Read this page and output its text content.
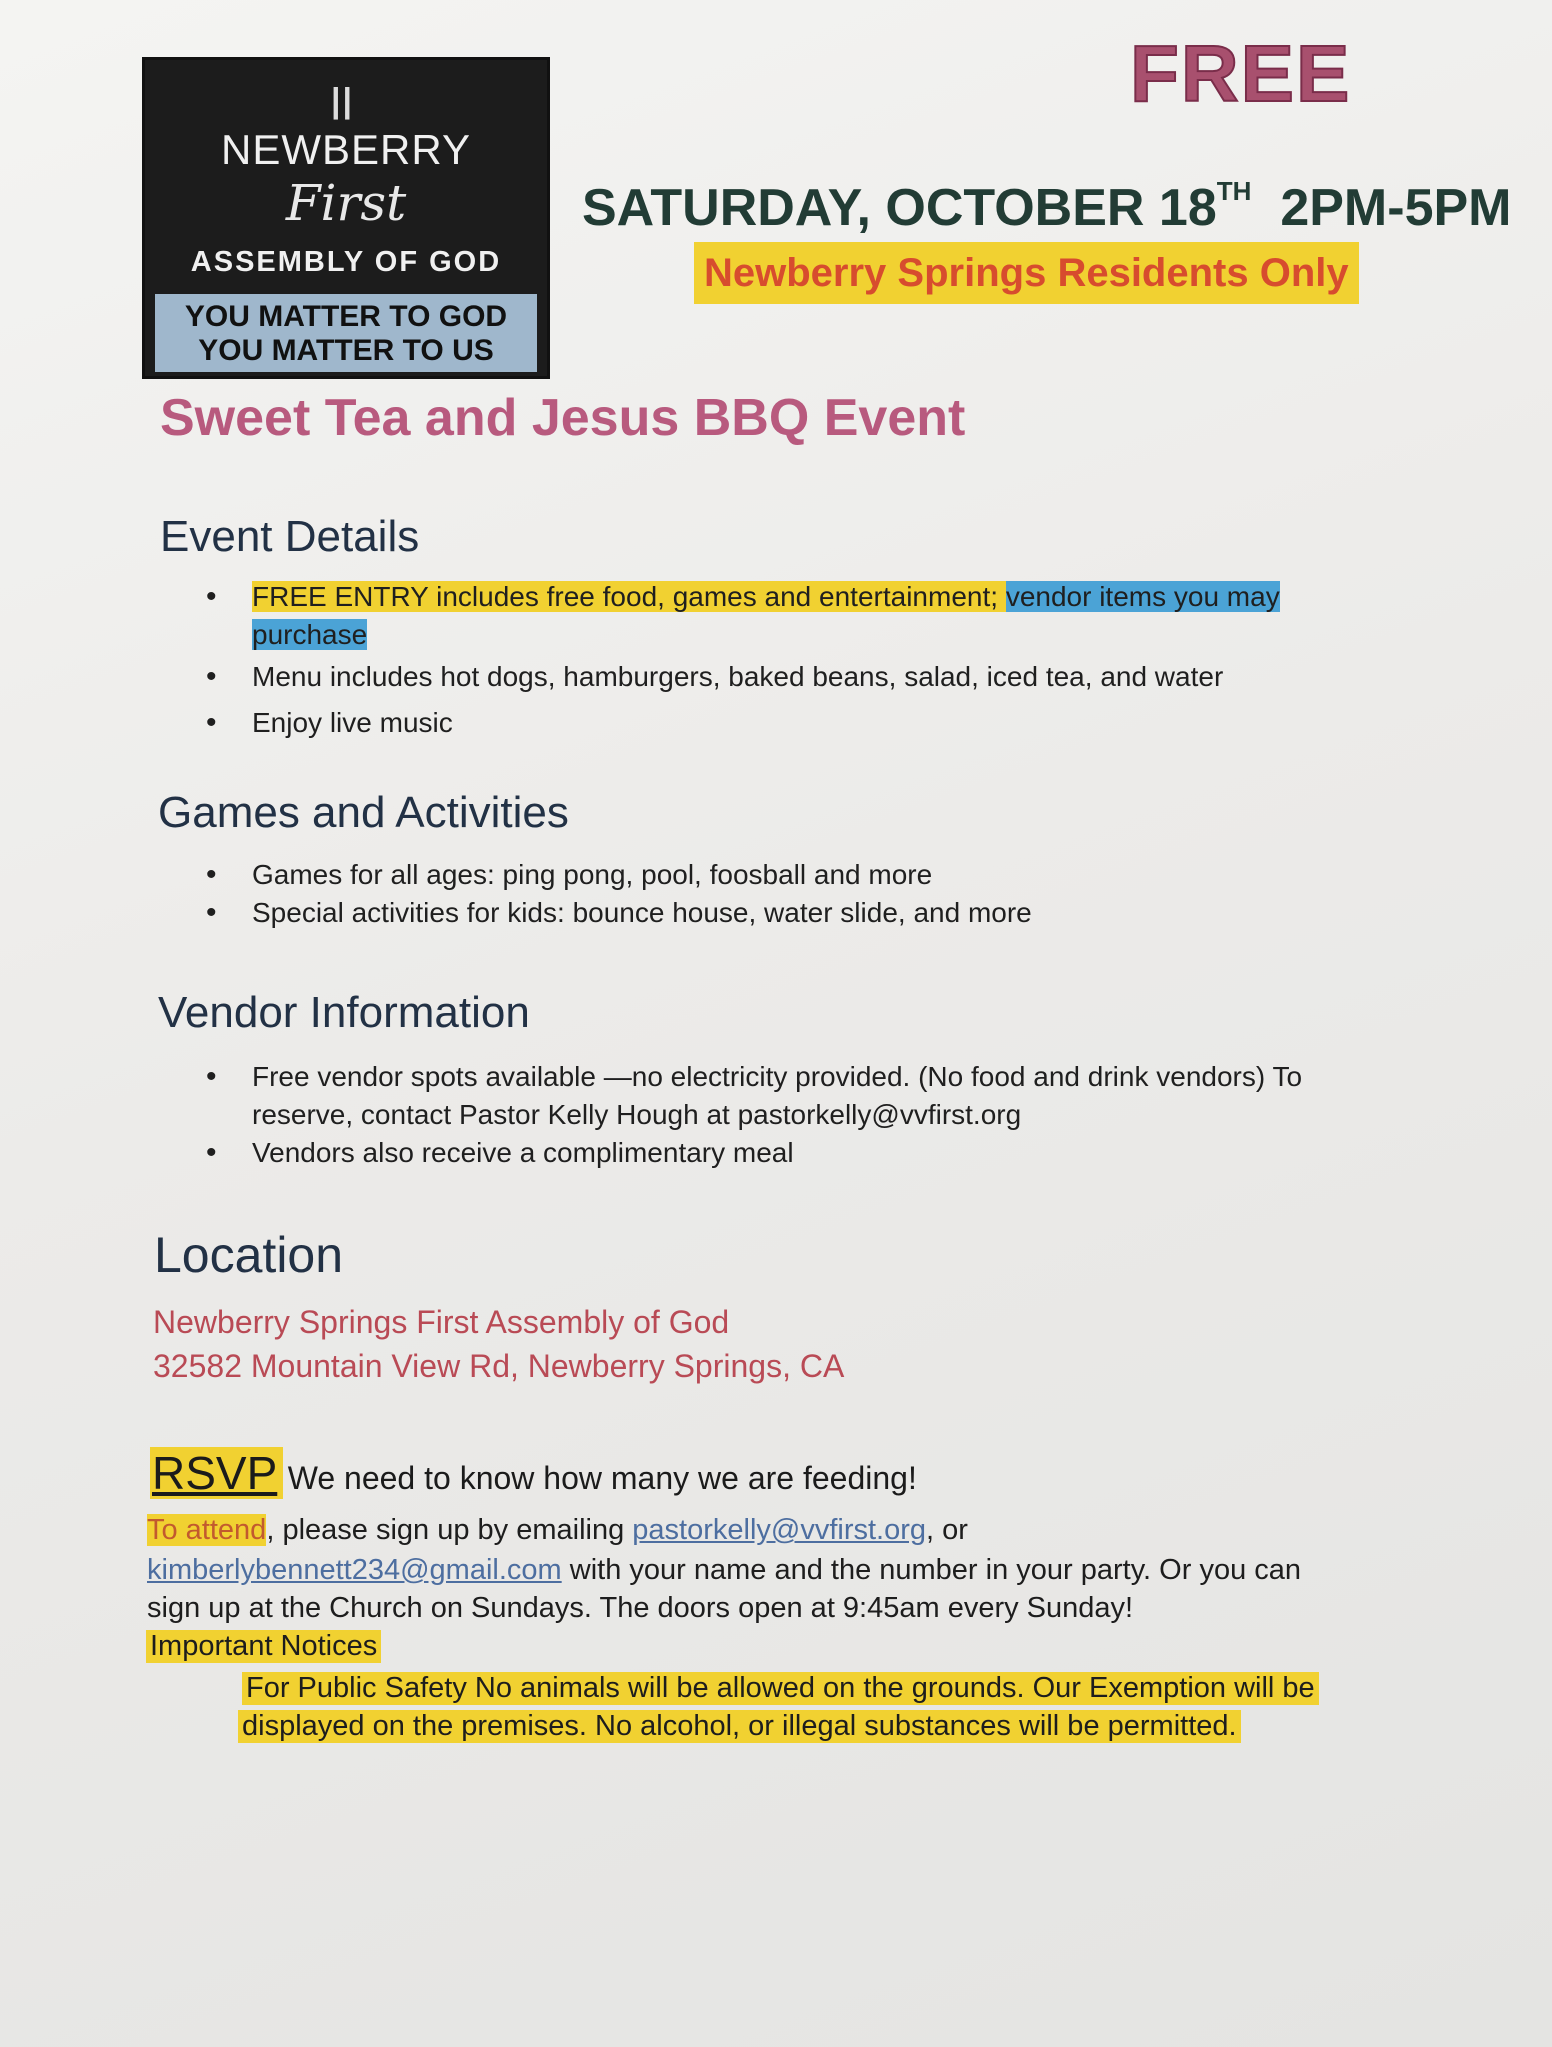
||
NEWBERRY
First
ASSEMBLY OF GOD
YOU MATTER TO GOD
YOU MATTER TO US
FREE
SATURDAY, OCTOBER 18TH 2PM-5PM
Newberry Springs Residents Only
Sweet Tea and Jesus BBQ Event
Event Details
• FREE ENTRY includes free food, games and entertainment; vendor items you may
purchase
• Menu includes hot dogs, hamburgers, baked beans, salad, iced tea, and water
• Enjoy live music
Games and Activities
• Games for all ages: ping pong, pool, foosball and more
• Special activities for kids: bounce house, water slide, and more
Vendor Information
• Free vendor spots available —no electricity provided. (No food and drink vendors) To
reserve, contact Pastor Kelly Hough at pastorkelly@vvfirst.org
• Vendors also receive a complimentary meal
Location
Newberry Springs First Assembly of God
32582 Mountain View Rd, Newberry Springs, CA
RSVP We need to know how many we are feeding!
To attend, please sign up by emailing pastorkelly@vvfirst.org, or
kimberlybennett234@gmail.com with your name and the number in your party. Or you can
sign up at the Church on Sundays. The doors open at 9:45am every Sunday!
Important Notices
For Public Safety No animals will be allowed on the grounds. Our Exemption will be
displayed on the premises. No alcohol, or illegal substances will be permitted.
